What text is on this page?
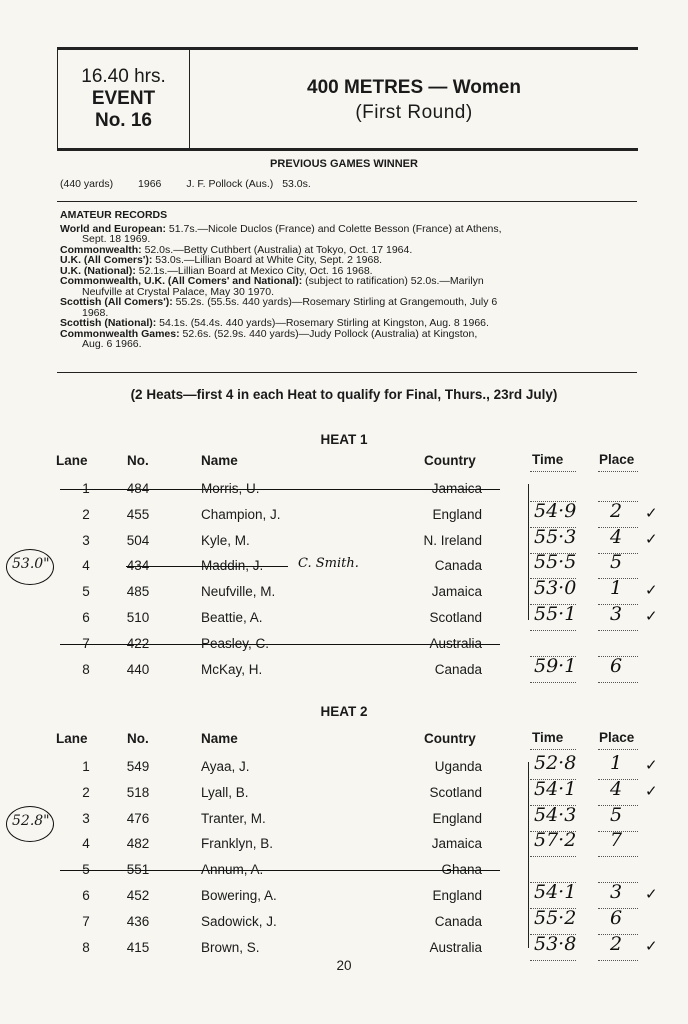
16.40 hrs.
EVENT
No. 16
400 METRES — Women
(First Round)
PREVIOUS GAMES WINNER
(440 yards) 1966 J. F. Pollock (Aus.) 53.0s.
AMATEUR RECORDS
World and European: 51.7s.—Nicole Duclos (France) and Colette Besson (France) at Athens,
Sept. 18 1969.
Commonwealth: 52.0s.—Betty Cuthbert (Australia) at Tokyo, Oct. 17 1964.
U.K. (All Comers'): 53.0s.—Lillian Board at White City, Sept. 2 1968.
U.K. (National): 52.1s.—Lillian Board at Mexico City, Oct. 16 1968.
Commonwealth, U.K. (All Comers' and National): (subject to ratification) 52.0s.—Marilyn
Neufville at Crystal Palace, May 30 1970.
Scottish (All Comers'): 55.2s. (55.5s. 440 yards)—Rosemary Stirling at Grangemouth, July 6
1968.
Scottish (National): 54.1s. (54.4s. 440 yards)—Rosemary Stirling at Kingston, Aug. 8 1966.
Commonwealth Games: 52.6s. (52.9s. 440 yards)—Judy Pollock (Australia) at Kingston,
Aug. 6 1966.
(2 Heats—first 4 in each Heat to qualify for Final, Thurs., 23rd July)
HEAT 1
Lane	No.	Name	Country	Time	Place
1	484	Morris, U.	Jamaica
2	455	Champion, J.	England	54·9 2 ✓
3	504	Kyle, M.	N. Ireland	55·3 4 ✓
4	434	Maddin, J.	Canada	55·5 5
C. Smith.
5	485	Neufville, M.	Jamaica	53·0 1 ✓
6	510	Beattie, A.	Scotland	55·1 3 ✓
7	422	Peasley, C.	Australia
8	440	McKay, H.	Canada	59·1 6
53.0"
HEAT 2
Lane	No.	Name	Country	Time	Place
1	549	Ayaa, J.	Uganda	52·8 1 ✓
2	518	Lyall, B.	Scotland	54·1 4 ✓
3	476	Tranter, M.	England	54·3 5
4	482	Franklyn, B.	Jamaica	57·2 7
5	551	Annum, A.	Ghana
6	452	Bowering, A.	England	54·1 3 ✓
7	436	Sadowick, J.	Canada	55·2 6
8	415	Brown, S.	Australia	53·8 2 ✓
52.8"
20
